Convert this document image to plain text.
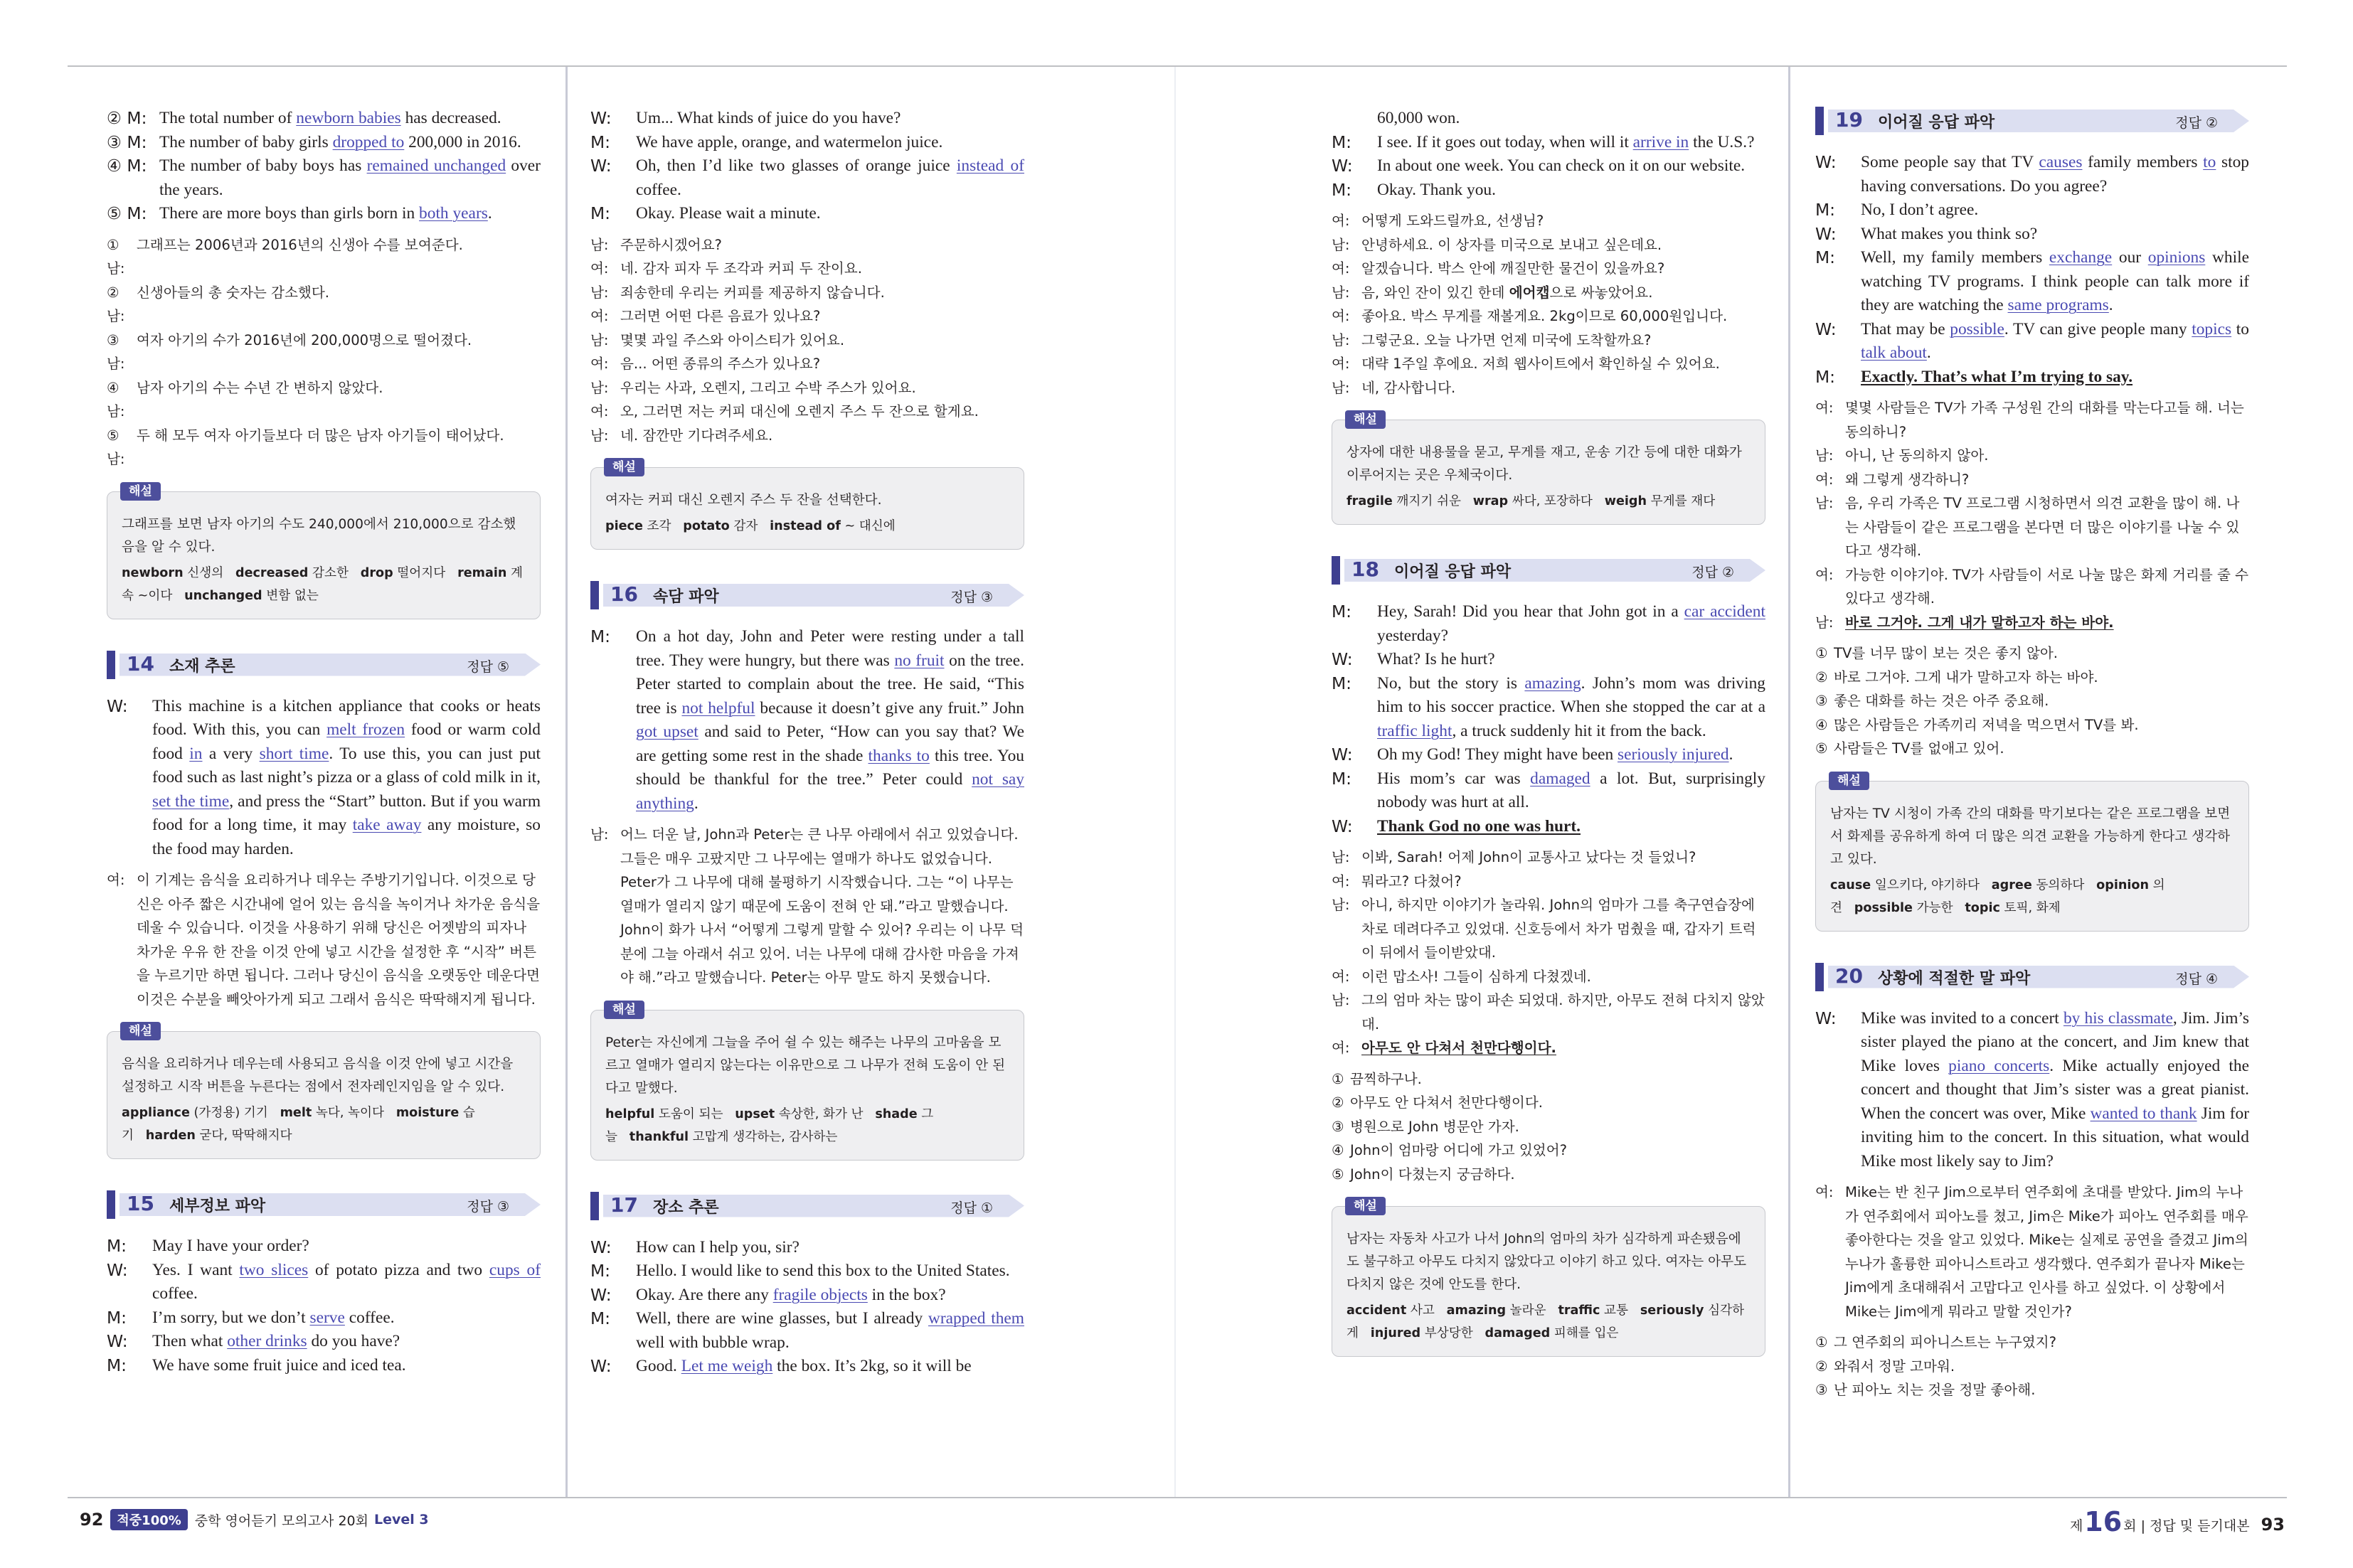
② M: The total number of newborn babies has decreased.
③ M: The number of baby girls dropped to 200,000 in 2016.
④ M: The number of baby boys has remained unchanged over the years.
⑤ M: There are more boys than girls born in both years.
① 남:
그래프는 2006년과 2016년의 신생아 수를 보여준다.
② 남:
신생아들의 총 숫자는 감소했다.
③ 남:
여자 아기의 수가 2016년에 200,000명으로 떨어졌다.
④ 남:
남자 아기의 수는 수년 간 변하지 않았다.
⑤ 남:
두 해 모두 여자 아기들보다 더 많은 남자 아기들이 태어났다.
해설
그래프를 보면 남자 아기의 수도 240,000에서 210,000으로 감소했음을 알 수 있다.
newborn 신생의   decreased 감소한   drop 떨어지다   remain 계속 ~이다   unchanged 변함 없는
14 소재 추론	정답 ⑤
W:	This machine is a kitchen appliance that cooks or heats food. With this, you can melt frozen food or warm cold food in a very short time. To use this, you can just put food such as last night’s pizza or a glass of cold milk in it, set the time, and press the “Start” button. But if you warm food for a long time, it may take away any moisture, so the food may harden.
여: 이 기계는 음식을 요리하거나 데우는 주방기기입니다. 이것으로 당신은 아주 짧은 시간내에 얼어 있는 음식을 녹이거나 차가운 음식을 데울 수 있습니다. 이것을 사용하기 위해 당신은 어젯밤의 피자나 차가운 우유 한 잔을 이것 안에 넣고 시간을 설정한 후 “시작” 버튼을 누르기만 하면 됩니다. 그러나 당신이 음식을 오랫동안 데운다면 이것은 수분을 빼앗아가게 되고 그래서 음식은 딱딱해지게 됩니다.
해설
음식을 요리하거나 데우는데 사용되고 음식을 이것 안에 넣고 시간을 설정하고 시작 버튼을 누른다는 점에서 전자레인지임을 알 수 있다.
appliance (가정용) 기기   melt 녹다, 녹이다   moisture 습기   harden 굳다, 딱딱해지다
15 세부정보 파악	정답 ③
M:	May I have your order?
W:	Yes. I want two slices of potato pizza and two cups of coffee.
M:	I’m sorry, but we don’t serve coffee.
W:	Then what other drinks do you have?
M:	We have some fruit juice and iced tea.
W:	Um... What kinds of juice do you have?
M:	We have apple, orange, and watermelon juice.
W:	Oh, then I’d like two glasses of orange juice instead of coffee.
M:	Okay. Please wait a minute.
남: 주문하시겠어요?
여: 네. 감자 피자 두 조각과 커피 두 잔이요.
남: 죄송한데 우리는 커피를 제공하지 않습니다.
여: 그러면 어떤 다른 음료가 있나요?
남: 몇몇 과일 주스와 아이스티가 있어요.
여: 음... 어떤 종류의 주스가 있나요?
남: 우리는 사과, 오렌지, 그리고 수박 주스가 있어요.
여: 오, 그러면 저는 커피 대신에 오렌지 주스 두 잔으로 할게요.
남: 네. 잠깐만 기다려주세요.
해설
여자는 커피 대신 오렌지 주스 두 잔을 선택한다.
piece 조각   potato 감자   instead of ~ 대신에
16 속담 파악	정답 ③
M:	On a hot day, John and Peter were resting under a tall tree. They were hungry, but there was no fruit on the tree. Peter started to complain about the tree. He said, “This tree is not helpful because it doesn’t give any fruit.” John got upset and said to Peter, “How can you say that? We are getting some rest in the shade thanks to this tree. You should be thankful for the tree.” Peter could not say anything.
남: 어느 더운 날, John과 Peter는 큰 나무 아래에서 쉬고 있었습니다. 그들은 매우 고팠지만 그 나무에는 열매가 하나도 없었습니다. Peter가 그 나무에 대해 불평하기 시작했습니다. 그는 “이 나무는 열매가 열리지 않기 때문에 도움이 전혀 안 돼.”라고 말했습니다. John이 화가 나서 “어떻게 그렇게 말할 수 있어? 우리는 이 나무 덕분에 그늘 아래서 쉬고 있어. 너는 나무에 대해 감사한 마음을 가져야 해.”라고 말했습니다. Peter는 아무 말도 하지 못했습니다.
해설
Peter는 자신에게 그늘을 주어 쉴 수 있는 해주는 나무의 고마움을 모르고 열매가 열리지 않는다는 이유만으로 그 나무가 전혀 도움이 안 된다고 말했다.
helpful 도움이 되는   upset 속상한, 화가 난   shade 그늘   thankful 고맙게 생각하는, 감사하는
17 장소 추론	정답 ①
W:	How can I help you, sir?
M:	Hello. I would like to send this box to the United States.
W:	Okay. Are there any fragile objects in the box?
M:	Well, there are wine glasses, but I already wrapped them well with bubble wrap.
W:	Good. Let me weigh the box. It’s 2kg, so it will be
60,000 won.
M:	I see. If it goes out today, when will it arrive in the U.S.?
W:	In about one week. You can check on it on our website.
M:	Okay. Thank you.
여: 어떻게 도와드릴까요, 선생님?
남: 안녕하세요. 이 상자를 미국으로 보내고 싶은데요.
여: 알겠습니다. 박스 안에 깨질만한 물건이 있을까요?
남: 음, 와인 잔이 있긴 한데 에어캡으로 싸놓았어요.
여: 좋아요. 박스 무게를 재볼게요. 2kg이므로 60,000원입니다.
남: 그렇군요. 오늘 나가면 언제 미국에 도착할까요?
여: 대략 1주일 후에요. 저희 웹사이트에서 확인하실 수 있어요.
남: 네, 감사합니다.
해설
상자에 대한 내용물을 묻고, 무게를 재고, 운송 기간 등에 대한 대화가 이루어지는 곳은 우체국이다.
fragile 깨지기 쉬운   wrap 싸다, 포장하다   weigh 무게를 재다
18 이어질 응답 파악	정답 ②
M:	Hey, Sarah! Did you hear that John got in a car accident yesterday?
W:	What? Is he hurt?
M:	No, but the story is amazing. John’s mom was driving him to his soccer practice. When she stopped the car at a traffic light, a truck suddenly hit it from the back.
W:	Oh my God! They might have been seriously injured.
M:	His mom’s car was damaged a lot. But, surprisingly nobody was hurt at all.
W:	Thank God no one was hurt.
남: 이봐, Sarah! 어제 John이 교통사고 났다는 것 들었니?
여: 뭐라고? 다쳤어?
남: 아니, 하지만 이야기가 놀라워. John의 엄마가 그를 축구연습장에 차로 데려다주고 있었대. 신호등에서 차가 멈췄을 때, 갑자기 트럭이 뒤에서 들이받았대.
여: 이런 맙소사! 그들이 심하게 다쳤겠네.
남: 그의 엄마 차는 많이 파손 되었대. 하지만, 아무도 전혀 다치지 않았대.
여: 아무도 안 다쳐서 천만다행이다.
① 끔찍하구나.
② 아무도 안 다쳐서 천만다행이다.
③ 병원으로 John 병문안 가자.
④ John이 엄마랑 어디에 가고 있었어?
⑤ John이 다쳤는지 궁금하다.
해설
남자는 자동차 사고가 나서 John의 엄마의 차가 심각하게 파손됐음에도 불구하고 아무도 다치지 않았다고 이야기 하고 있다. 여자는 아무도 다치지 않은 것에 안도를 한다.
accident 사고   amazing 놀라운   traffic 교통   seriously 심각하게   injured 부상당한   damaged 피해를 입은
19 이어질 응답 파악	정답 ②
W:	Some people say that TV causes family members to stop having conversations. Do you agree?
M:	No, I don’t agree.
W:	What makes you think so?
M:	Well, my family members exchange our opinions while watching TV programs. I think people can talk more if they are watching the same programs.
W:	That may be possible. TV can give people many topics to talk about.
M:	Exactly. That’s what I’m trying to say.
여: 몇몇 사람들은 TV가 가족 구성원 간의 대화를 막는다고들 해. 너는 동의하니?
남: 아니, 난 동의하지 않아.
여: 왜 그렇게 생각하니?
남: 음, 우리 가족은 TV 프로그램 시청하면서 의견 교환을 많이 해. 나는 사람들이 같은 프로그램을 본다면 더 많은 이야기를 나눌 수 있다고 생각해.
여: 가능한 이야기야. TV가 사람들이 서로 나눌 많은 화제 거리를 줄 수 있다고 생각해.
남: 바로 그거야. 그게 내가 말하고자 하는 바야.
① TV를 너무 많이 보는 것은 좋지 않아.
② 바로 그거야. 그게 내가 말하고자 하는 바야.
③ 좋은 대화를 하는 것은 아주 중요해.
④ 많은 사람들은 가족끼리 저녁을 먹으면서 TV를 봐.
⑤ 사람들은 TV를 없애고 있어.
해설
남자는 TV 시청이 가족 간의 대화를 막기보다는 같은 프로그램을 보면서 화제를 공유하게 하여 더 많은 의견 교환을 가능하게 한다고 생각하고 있다.
cause 일으키다, 야기하다   agree 동의하다   opinion 의견   possible 가능한   topic 토픽, 화제
20 상황에 적절한 말 파악	정답 ④
W:	Mike was invited to a concert by his classmate, Jim. Jim’s sister played the piano at the concert, and Jim knew that Mike loves piano concerts. Mike actually enjoyed the concert and thought that Jim’s sister was a great pianist. When the concert was over, Mike wanted to thank Jim for inviting him to the concert. In this situation, what would Mike most likely say to Jim?
여: Mike는 반 친구 Jim으로부터 연주회에 초대를 받았다. Jim의 누나가 연주회에서 피아노를 쳤고, Jim은 Mike가 피아노 연주회를 매우 좋아한다는 것을 알고 있었다. Mike는 실제로 공연을 즐겼고 Jim의 누나가 훌륭한 피아니스트라고 생각했다. 연주회가 끝나자 Mike는 Jim에게 초대해줘서 고맙다고 인사를 하고 싶었다. 이 상황에서 Mike는 Jim에게 뭐라고 말할 것인가?
① 그 연주회의 피아니스트는 누구였지?
② 와줘서 정말 고마워.
③ 난 피아노 치는 것을 정말 좋아해.
92	적중100%	중학 영어듣기 모의고사 20회 Level 3	제 16 회 | 정답 및 듣기대본 93
